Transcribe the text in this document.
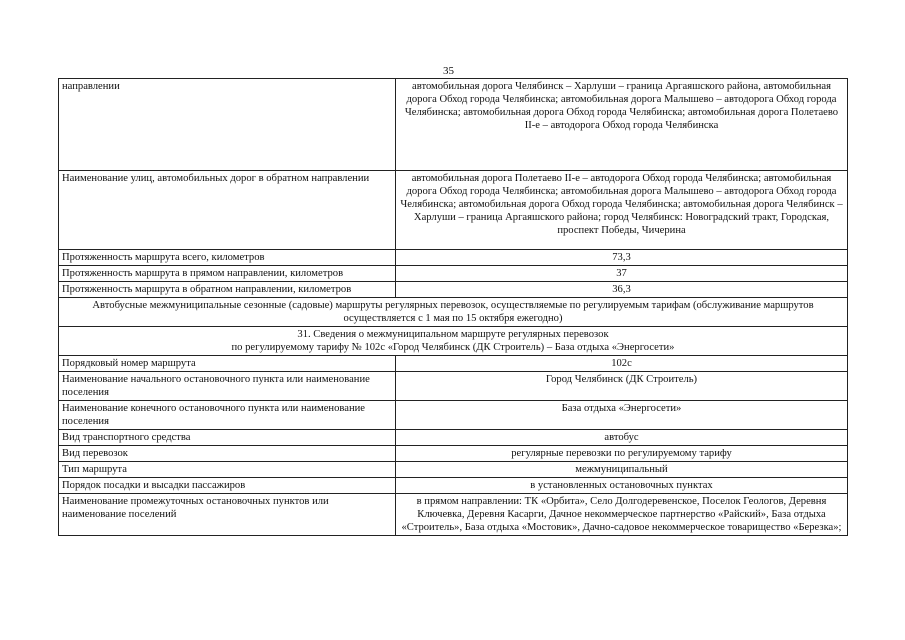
35
направлении	автомобильная дорога Челябинск – Харлуши – граница Аргаяшского района, автомобильная дорога Обход города Челябинска; автомобильная дорога Малышево – автодорога Обход города Челябинска; автомобильная дорога Обход города Челябинска; автомобильная дорога Полетаево II-е – автодорога Обход города Челябинска
Наименование улиц, автомобильных дорог в обратном направлении	автомобильная дорога Полетаево II-е – автодорога Обход города Челябинска; автомобильная дорога Обход города Челябинска; автомобильная дорога Малышево – автодорога Обход города Челябинска; автомобильная дорога Обход города Челябинска; автомобильная дорога Челябинск – Харлуши – граница Аргаяшского района; город Челябинск: Новоградский тракт, Городская, проспект Победы, Чичерина
Протяженность маршрута всего, километров	73,3
Протяженность маршрута в прямом направлении, километров	37
Протяженность маршрута в обратном направлении, километров	36,3
Автобусные межмуниципальные сезонные (садовые) маршруты регулярных перевозок, осуществляемые по регулируемым тарифам (обслуживание маршрутов осуществляется с 1 мая по 15 октября ежегодно)	

31. Сведения о межмуниципальном маршруте регулярных перевозок
по регулируемому тарифу № 102с «Город Челябинск (ДК Строитель) – База отдыха «Энергосети»	

Порядковый номер маршрута	102с
Наименование начального остановочного пункта или наименование поселения	Город Челябинск (ДК Строитель)
Наименование конечного остановочного пункта или наименование поселения	База отдыха «Энергосети»
Вид транспортного средства	автобус
Вид перевозок	регулярные перевозки по регулируемому тарифу
Тип маршрута	межмуниципальный
Порядок посадки и высадки пассажиров	в установленных остановочных пунктах
Наименование промежуточных остановочных пунктов или наименование поселений	в прямом направлении: ТК «Орбита», Село Долгодеревенское, Поселок Геологов, Деревня Ключевка, Деревня Касарги, Дачное некоммерческое партнерство «Райский», База отдыха «Строитель», База отдыха «Мостовик», Дачно-садовое некоммерческое товарищество «Березка»;
